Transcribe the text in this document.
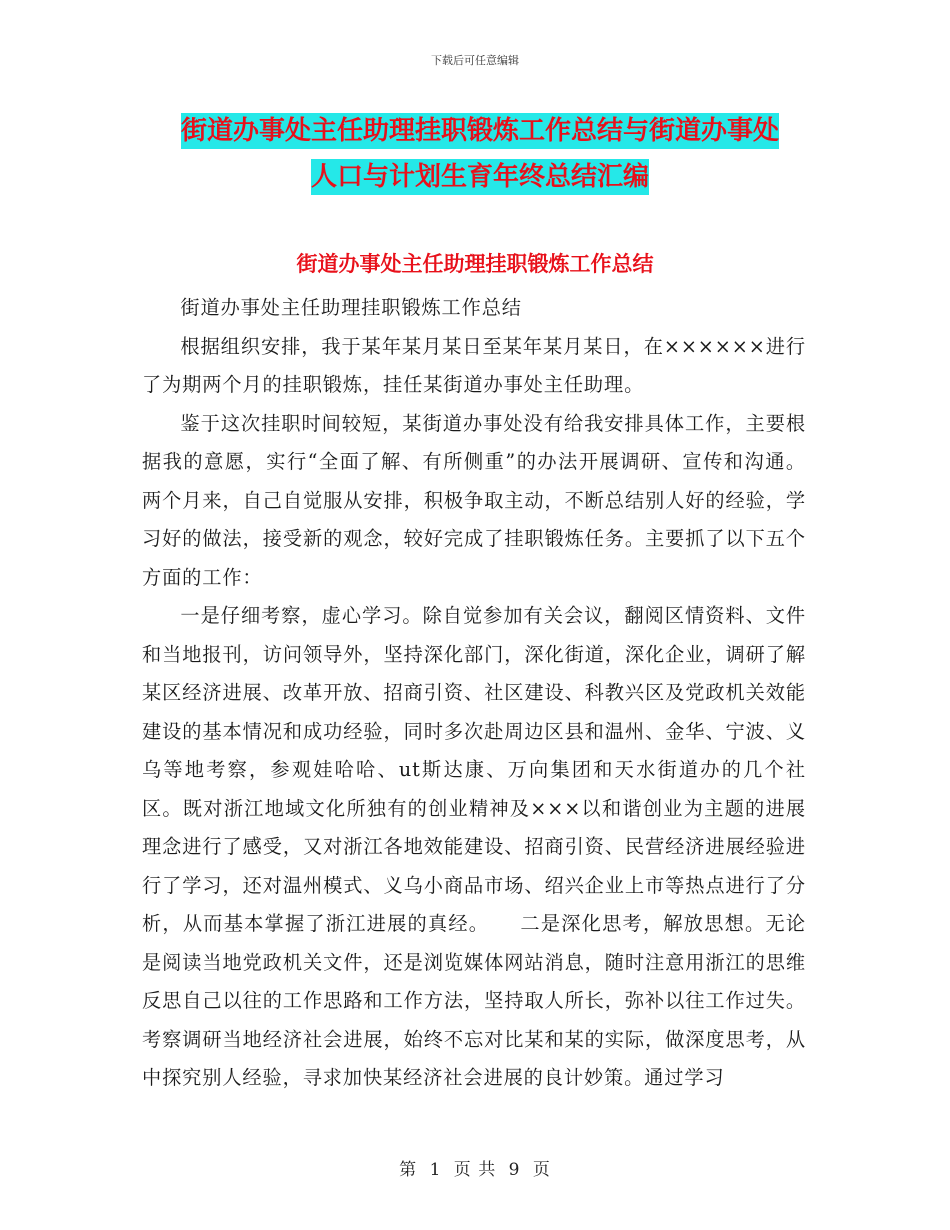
下载后可任意编辑
街道办事处主任助理挂职锻炼工作总结与街道办事处
人口与计划生育年终总结汇编
街道办事处主任助理挂职锻炼工作总结

街道办事处主任助理挂职锻炼工作总结

根据组织安排，我于某年某月某日至某年某月某日，在××××××进行了为期两个月的挂职锻炼，挂任某街道办事处主任助理。

鉴于这次挂职时间较短，某街道办事处没有给我安排具体工作，主要根据我的意愿，实行“全面了解、有所侧重”的办法开展调研、宣传和沟通。两个月来，自己自觉服从安排，积极争取主动，不断总结别人好的经验，学习好的做法，接受新的观念，较好完成了挂职锻炼任务。主要抓了以下五个方面的工作：

一是仔细考察，虚心学习。除自觉参加有关会议，翻阅区情资料、文件和当地报刊，访问领导外，坚持深化部门，深化街道，深化企业，调研了解某区经济进展、改革开放、招商引资、社区建设、科教兴区及党政机关效能建设的基本情况和成功经验，同时多次赴周边区县和温州、金华、宁波、义乌等地考察，参观娃哈哈、ut斯达康、万向集团和天水街道办的几个社区。既对浙江地域文化所独有的创业精神及×××以和谐创业为主题的进展理念进行了感受，又对浙江各地效能建设、招商引资、民营经济进展经验进行了学习，还对温州模式、义乌小商品市场、绍兴企业上市等热点进行了分析，从而基本掌握了浙江进展的真经。　　二是深化思考，解放思想。无论是阅读当地党政机关文件，还是浏览媒体网站消息，随时注意用浙江的思维反思自己以往的工作思路和工作方法，坚持取人所长，弥补以往工作过失。考察调研当地经济社会进展，始终不忘对比某和某的实际，做深度思考，从中探究别人经验，寻求加快某经济社会进展的良计妙策。通过学习

第 1 页 共 9 页
